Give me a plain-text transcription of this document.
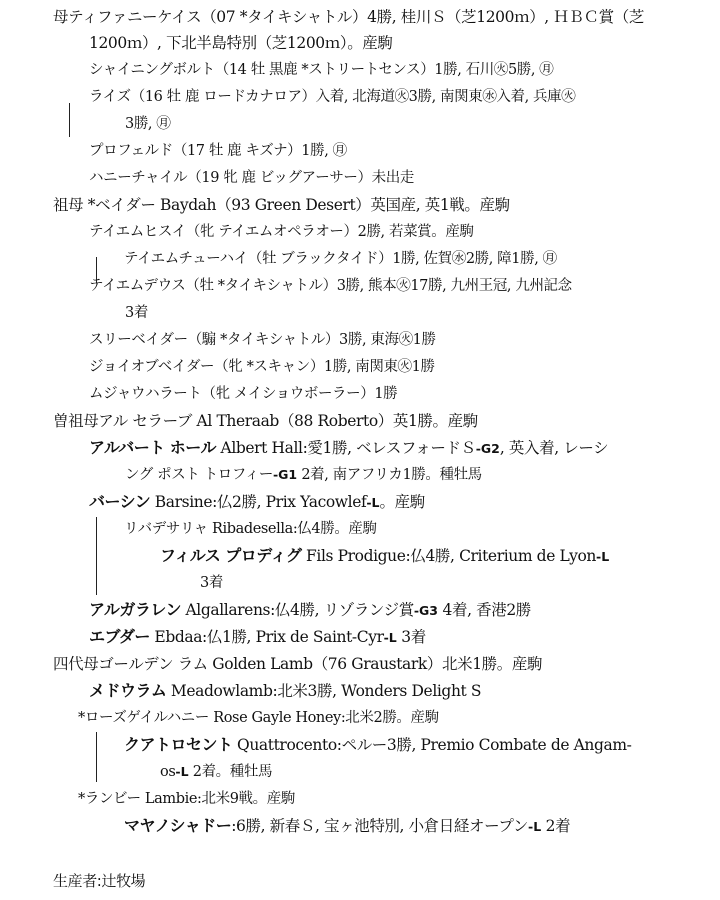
母ティファニーケイス（07 *タイキシャトル）4勝, 桂川Ｓ（芝1200ｍ）, ＨＢＣ賞（芝
1200ｍ）, 下北半島特別（芝1200ｍ）。産駒
シャイニングボルト（14 牡 黒鹿 *ストリートセンス）1勝, 石川㊋5勝, ㊊
ライズ（16 牡 鹿 ロードカナロア）入着, 北海道㊋3勝, 南関東㊌入着, 兵庫㊋
3勝, ㊊
プロフェルド（17 牡 鹿 キズナ）1勝, ㊊
ハニーチャイル（19 牝 鹿 ビッグアーサー）未出走
祖母 *ベイダー Baydah（93 Green Desert）英国産, 英1戦。産駒
テイエムヒスイ（牝 テイエムオペラオー）2勝, 若菜賞。産駒
テイエムチューハイ（牡 ブラックタイド）1勝, 佐賀㊌2勝, 障1勝, ㊊
テイエムデウス（牡 *タイキシャトル）3勝, 熊本㊋17勝, 九州王冠, 九州記念
3着
スリーベイダー（騸 *タイキシャトル）3勝, 東海㊋1勝
ジョイオブベイダー（牝 *スキャン）1勝, 南関東㊋1勝
ムジャウハラート（牝 メイショウボーラー）1勝
曽祖母アル セラーブ Al Theraab（88 Roberto）英1勝。産駒
アルバート ホール Albert Hall:愛1勝, ベレスフォードＳ-G2, 英入着, レーシ
ング ポスト トロフィー-G1 2着, 南アフリカ1勝。種牡馬
バーシン Barsine:仏2勝, Prix Yacowlef-L。産駒
リバデサリャ Ribadesella:仏4勝。産駒
フィルス プロディグ Fils Prodigue:仏4勝, Criterium de Lyon-L
3着
アルガラレン Algallarens:仏4勝, リゾランジ賞-G3 4着, 香港2勝
エブダー Ebdaa:仏1勝, Prix de Saint-Cyr-L 3着
四代母ゴールデン ラム Golden Lamb（76 Graustark）北米1勝。産駒
メドウラム Meadowlamb:北米3勝, Wonders Delight S
*ローズゲイルハニー Rose Gayle Honey:北米2勝。産駒
クアトロセント Quattrocento:ペルー3勝, Premio Combate de Angam-
os-L 2着。種牡馬
*ランビー Lambie:北米9戦。産駒
マヤノシャドー:6勝, 新春Ｓ, 宝ヶ池特別, 小倉日経オープン-L 2着
生産者:辻牧場
